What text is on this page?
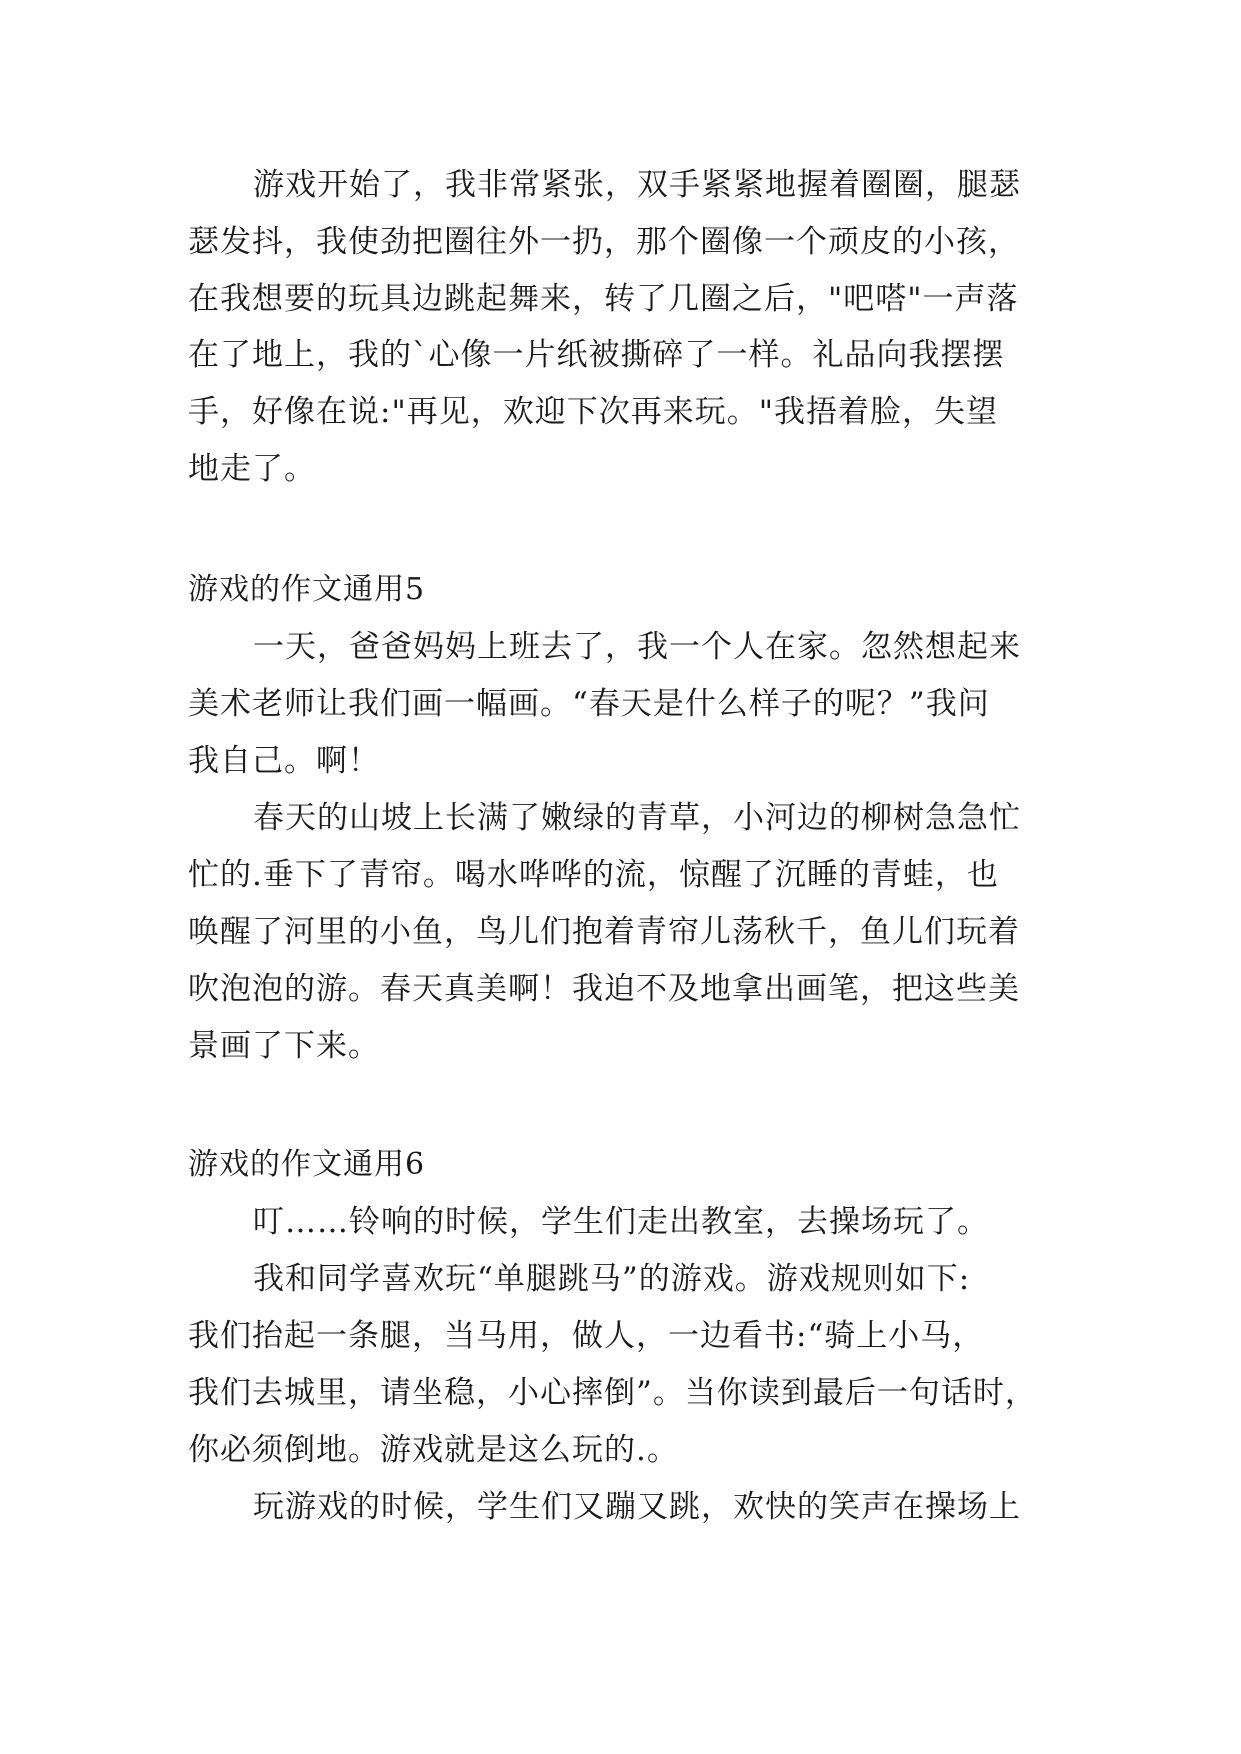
游戏开始了，我非常紧张，双手紧紧地握着圈圈，腿瑟
瑟发抖，我使劲把圈往外一扔，那个圈像一个顽皮的小孩，
在我想要的玩具边跳起舞来，转了几圈之后，"吧嗒"一声落
在了地上，我的`心像一片纸被撕碎了一样。礼品向我摆摆
手，好像在说:"再见，欢迎下次再来玩。"我捂着脸，失望
地走了。
游戏的作文通用5
一天，爸爸妈妈上班去了，我一个人在家。忽然想起来
美术老师让我们画一幅画。“春天是什么样子的呢？”我问
我自己。啊！
春天的山坡上长满了嫩绿的青草，小河边的柳树急急忙
忙的.垂下了青帘。喝水哗哗的流，惊醒了沉睡的青蛙，也
唤醒了河里的小鱼，鸟儿们抱着青帘儿荡秋千，鱼儿们玩着
吹泡泡的游。春天真美啊！我迫不及地拿出画笔，把这些美
景画了下来。
游戏的作文通用6
叮……铃响的时候，学生们走出教室，去操场玩了。
我和同学喜欢玩“单腿跳马”的游戏。游戏规则如下:
我们抬起一条腿，当马用，做人，一边看书:“骑上小马，
我们去城里，请坐稳，小心摔倒”。当你读到最后一句话时，
你必须倒地。游戏就是这么玩的.。
玩游戏的时候，学生们又蹦又跳，欢快的笑声在操场上
